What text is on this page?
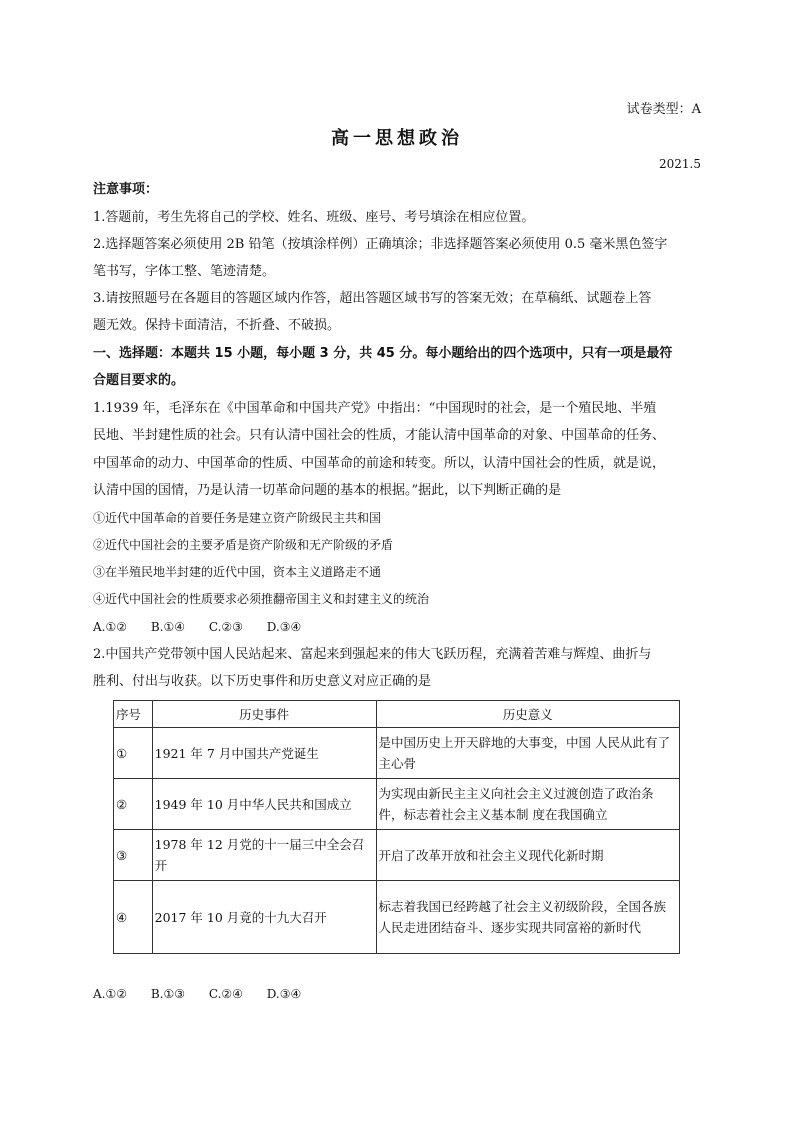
试卷类型：A
高一思想政治
2021.5
注意事项：
1.答题前，考生先将自己的学校、姓名、班级、座号、考号填涂在相应位置。
2.选择题答案必须使用 2B 铅笔（按填涂样例）正确填涂；非选择题答案必须使用 0.5 毫米黑色签字
笔书写，字体工整、笔迹清楚。
3.请按照题号在各题目的答题区域内作答，超出答题区域书写的答案无效；在草稿纸、试题卷上答
题无效。保持卡面清洁，不折叠、不破损。
一、选择题：本题共 15 小题，每小题 3 分，共 45 分。每小题给出的四个选项中，只有一项是最符
合题目要求的。
1.1939 年，毛泽东在《中国革命和中国共产党》中指出：“中国现时的社会，是一个殖民地、半殖
民地、半封建性质的社会。只有认清中国社会的性质，才能认清中国革命的对象、中国革命的任务、
中国革命的动力、中国革命的性质、中国革命的前途和转变。所以，认清中国社会的性质，就是说，
认清中国的国情，乃是认清一切革命问题的基本的根据。”据此，以下判断正确的是
①近代中国革命的首要任务是建立资产阶级民主共和国
②近代中国社会的主要矛盾是资产阶级和无产阶级的矛盾
③在半殖民地半封建的近代中国，资本主义道路走不通
④近代中国社会的性质要求必须推翻帝国主义和封建主义的统治
A.①② B.①④ C.②③ D.③④
2.中国共产党带领中国人民站起来、富起来到强起来的伟大飞跃历程，充满着苦难与辉煌、曲折与
胜利、付出与收获。以下历史事件和历史意义对应正确的是
序号	历史事件	历史意义
①	1921 年 7 月中国共产党诞生	是中国历史上开天辟地的大事变，中国 人民从此有了主心骨
②	1949 年 10 月中华人民共和国成立	为实现由新民主主义向社会主义过渡创造了政治条件，标志着社会主义基本制 度在我国确立
③	1978 年 12 月党的十一届三中全会召开	开启了改革开放和社会主义现代化新时期
④	2017 年 10 月竟的十九大召开	标志着我国已经跨越了社会主义初级阶段，全国各族人民走进团结奋斗、逐步实现共同富裕的新时代
A.①② B.①③ C.②④ D.③④
